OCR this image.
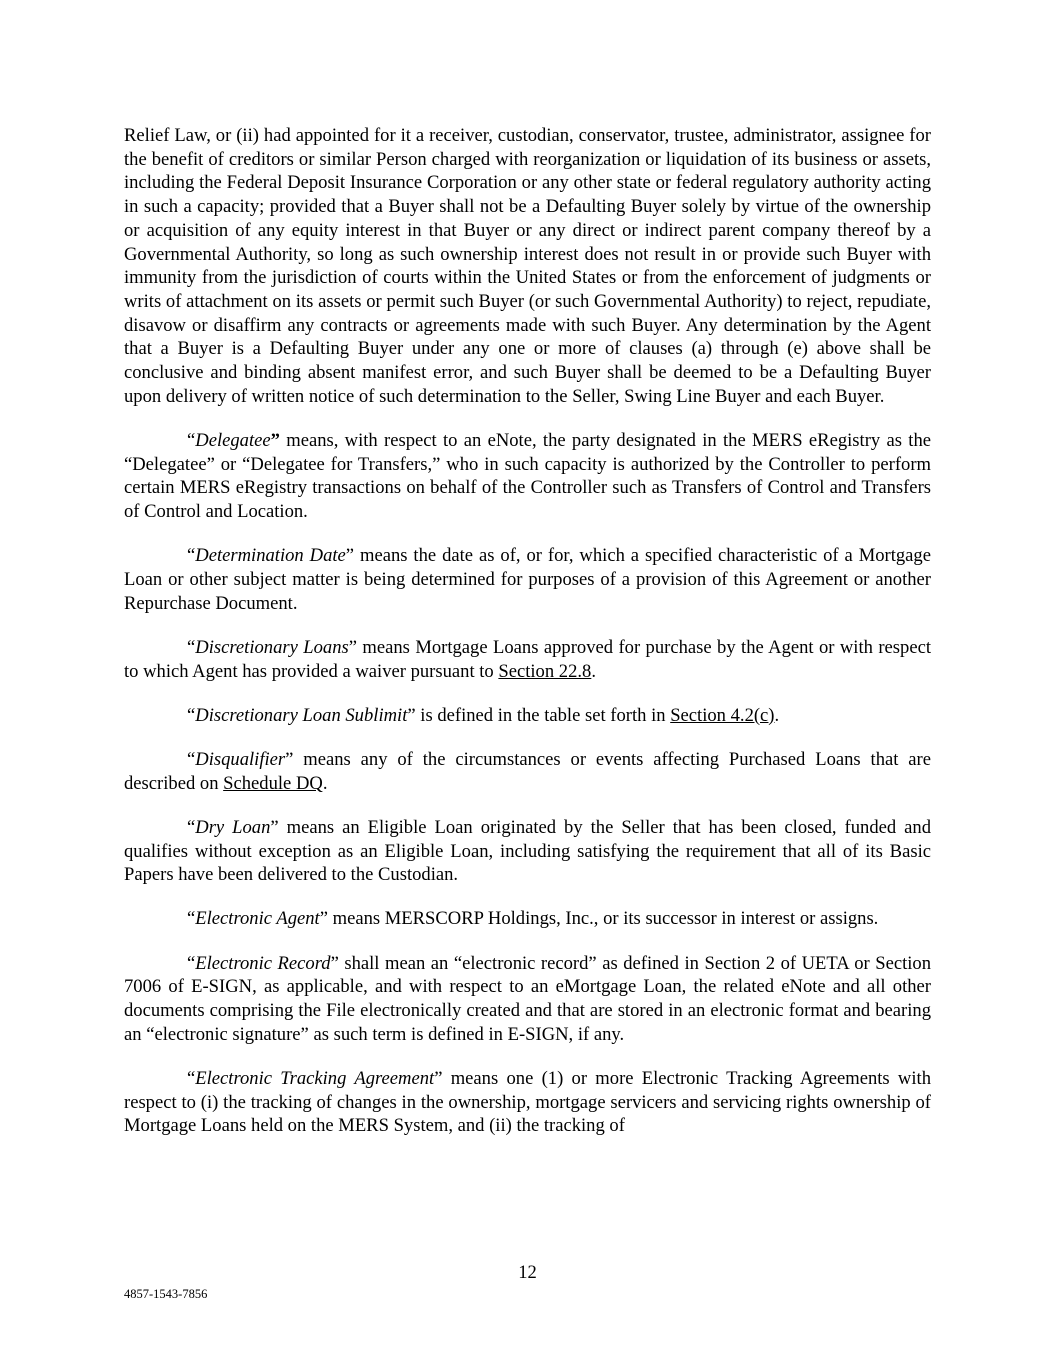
Relief Law, or (ii) had appointed for it a receiver, custodian, conservator, trustee, administrator, assignee for the benefit of creditors or similar Person charged with reorganization or liquidation of its business or assets, including the Federal Deposit Insurance Corporation or any other state or federal regulatory authority acting in such a capacity; provided that a Buyer shall not be a Defaulting Buyer solely by virtue of the ownership or acquisition of any equity interest in that Buyer or any direct or indirect parent company thereof by a Governmental Authority, so long as such ownership interest does not result in or provide such Buyer with immunity from the jurisdiction of courts within the United States or from the enforcement of judgments or writs of attachment on its assets or permit such Buyer (or such Governmental Authority) to reject, repudiate, disavow or disaffirm any contracts or agreements made with such Buyer. Any determination by the Agent that a Buyer is a Defaulting Buyer under any one or more of clauses (a) through (e) above shall be conclusive and binding absent manifest error, and such Buyer shall be deemed to be a Defaulting Buyer upon delivery of written notice of such determination to the Seller, Swing Line Buyer and each Buyer.

“Delegatee” means, with respect to an eNote, the party designated in the MERS eRegistry as the “Delegatee” or “Delegatee for Transfers,” who in such capacity is authorized by the Controller to perform certain MERS eRegistry transactions on behalf of the Controller such as Transfers of Control and Transfers of Control and Location.

“Determination Date” means the date as of, or for, which a specified characteristic of a Mortgage Loan or other subject matter is being determined for purposes of a provision of this Agreement or another Repurchase Document.

“Discretionary Loans” means Mortgage Loans approved for purchase by the Agent or with respect to which Agent has provided a waiver pursuant to Section 22.8.

“Discretionary Loan Sublimit” is defined in the table set forth in Section 4.2(c).

“Disqualifier” means any of the circumstances or events affecting Purchased Loans that are described on Schedule DQ.

“Dry Loan” means an Eligible Loan originated by the Seller that has been closed, funded and qualifies without exception as an Eligible Loan, including satisfying the requirement that all of its Basic Papers have been delivered to the Custodian.

“Electronic Agent” means MERSCORP Holdings, Inc., or its successor in interest or assigns.

“Electronic Record” shall mean an “electronic record” as defined in Section 2 of UETA or Section 7006 of E-SIGN, as applicable, and with respect to an eMortgage Loan, the related eNote and all other documents comprising the File electronically created and that are stored in an electronic format and bearing an “electronic signature” as such term is defined in E-SIGN, if any.

“Electronic Tracking Agreement” means one (1) or more Electronic Tracking Agreements with respect to (i) the tracking of changes in the ownership, mortgage servicers and servicing rights ownership of Mortgage Loans held on the MERS System, and (ii) the tracking of

12
4857-1543-7856
